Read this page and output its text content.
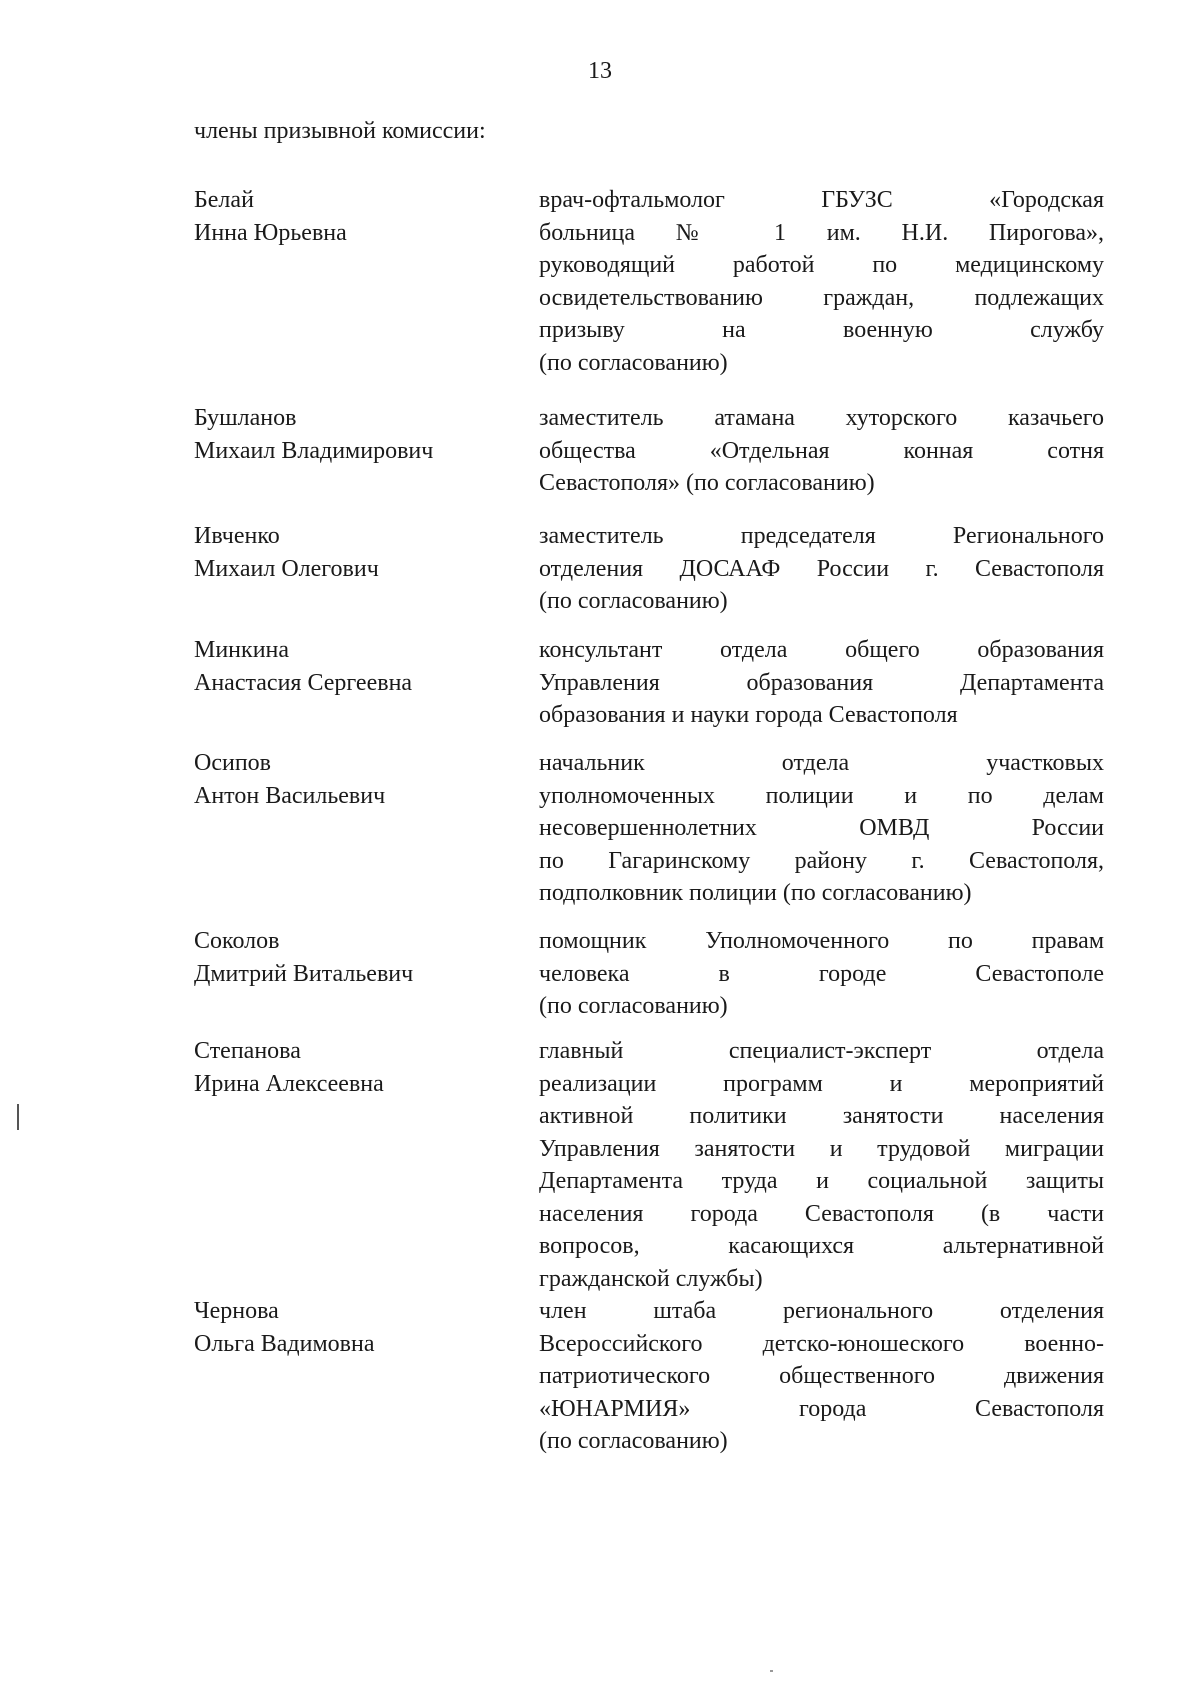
13
члены призывной комиссии:
Белай
Инна Юрьевна
врач-офтальмолог ГБУЗС «Городская
больница № 1 им. Н.И. Пирогова»,
руководящий работой по медицинскому
освидетельствованию граждан, подлежащих
призыву на военную службу
(по согласованию)
Бушланов
Михаил Владимирович
заместитель атамана хуторского казачьего
общества «Отдельная конная сотня
Севастополя» (по согласованию)
Ивченко
Михаил Олегович
заместитель председателя Регионального
отделения ДОСААФ России г. Севастополя
(по согласованию)
Минкина
Анастасия Сергеевна
консультант отдела общего образования
Управления образования Департамента
образования и науки города Севастополя
Осипов
Антон Васильевич
начальник отдела участковых
уполномоченных полиции и по делам
несовершеннолетних ОМВД России
по Гагаринскому району г. Севастополя,
подполковник полиции (по согласованию)
Соколов
Дмитрий Витальевич
помощник Уполномоченного по правам
человека в городе Севастополе
(по согласованию)
Степанова
Ирина Алексеевна
главный специалист-эксперт отдела
реализации программ и мероприятий
активной политики занятости населения
Управления занятости и трудовой миграции
Департамента труда и социальной защиты
населения города Севастополя (в части
вопросов, касающихся альтернативной
гражданской службы)
Чернова
Ольга Вадимовна
член штаба регионального отделения
Всероссийского детско-юношеского военно-
патриотического общественного движения
«ЮНАРМИЯ» города Севастополя
(по согласованию)
